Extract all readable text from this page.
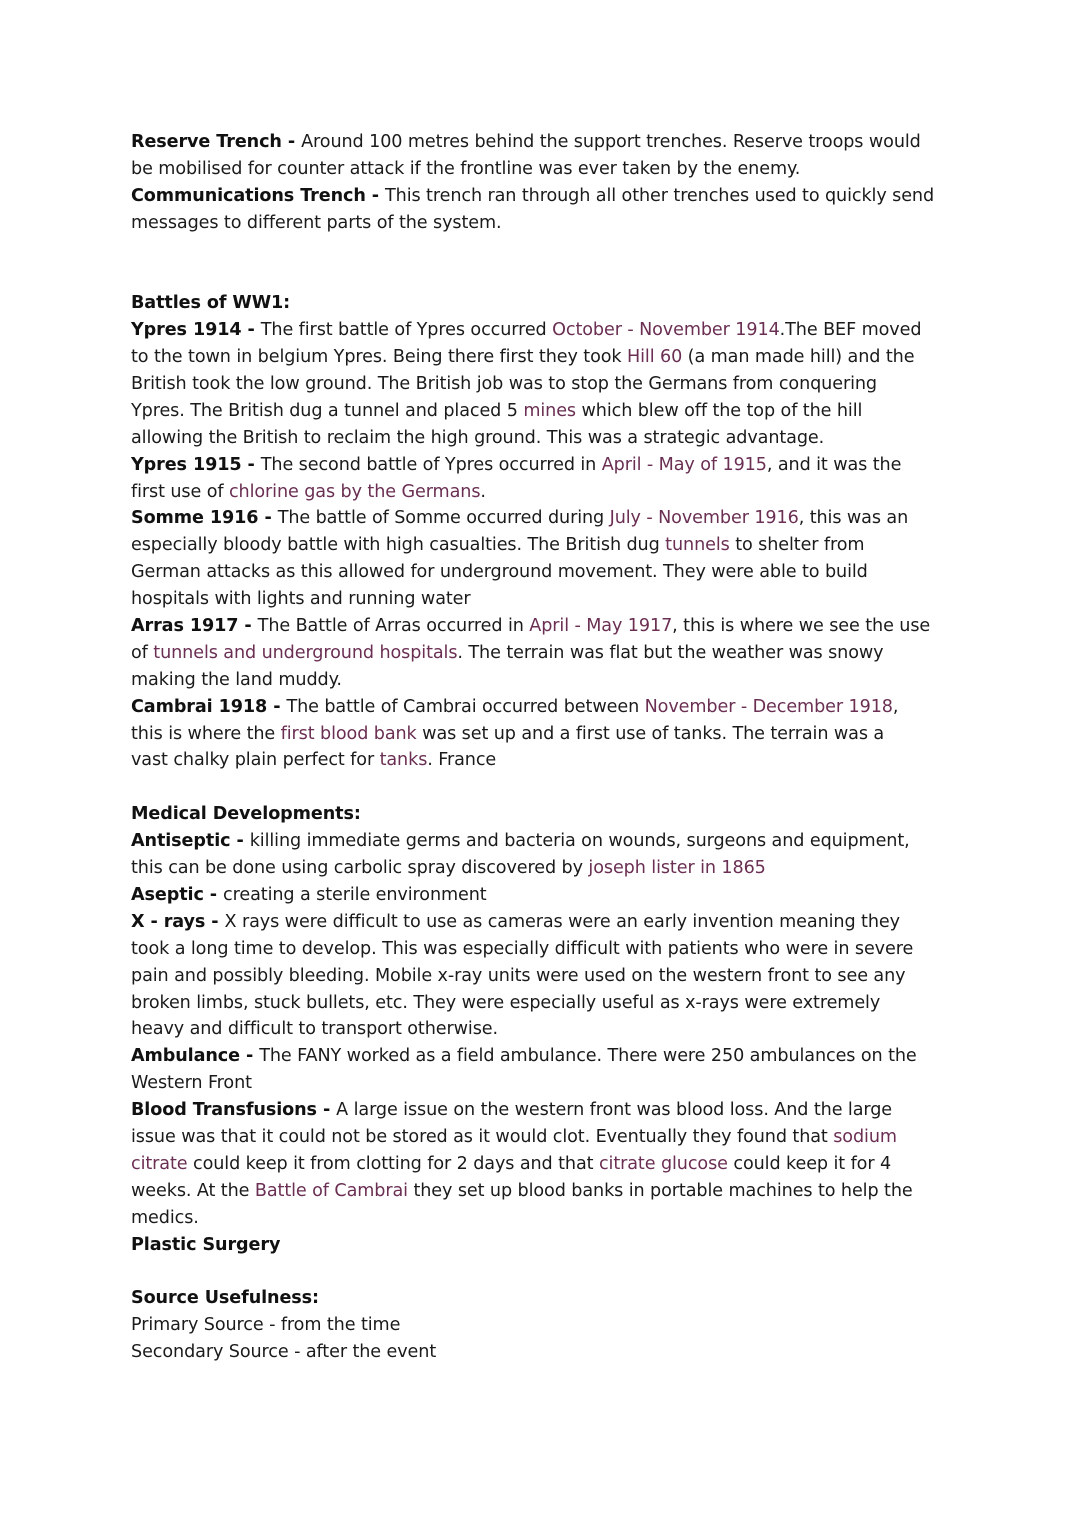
Reserve Trench - Around 100 metres behind the support trenches. Reserve troops would
be mobilised for counter attack if the frontline was ever taken by the enemy.
Communications Trench - This trench ran through all other trenches used to quickly send
messages to different parts of the system.
Battles of WW1:
Ypres 1914 - The first battle of Ypres occurred October - November 1914.The BEF moved
to the town in belgium Ypres. Being there first they took Hill 60 (a man made hill) and the
British took the low ground. The British job was to stop the Germans from conquering
Ypres. The British dug a tunnel and placed 5 mines which blew off the top of the hill
allowing the British to reclaim the high ground. This was a strategic advantage.
Ypres 1915 - The second battle of Ypres occurred in April - May of 1915, and it was the
first use of chlorine gas by the Germans.
Somme 1916 - The battle of Somme occurred during July - November 1916, this was an
especially bloody battle with high casualties. The British dug tunnels to shelter from
German attacks as this allowed for underground movement. They were able to build
hospitals with lights and running water
Arras 1917 - The Battle of Arras occurred in April - May 1917, this is where we see the use
of tunnels and underground hospitals. The terrain was flat but the weather was snowy
making the land muddy.
Cambrai 1918 - The battle of Cambrai occurred between November - December 1918,
this is where the first blood bank was set up and a first use of tanks. The terrain was a
vast chalky plain perfect for tanks. France
Medical Developments:
Antiseptic - killing immediate germs and bacteria on wounds, surgeons and equipment,
this can be done using carbolic spray discovered by joseph lister in 1865
Aseptic - creating a sterile environment
X - rays - X rays were difficult to use as cameras were an early invention meaning they
took a long time to develop. This was especially difficult with patients who were in severe
pain and possibly bleeding. Mobile x-ray units were used on the western front to see any
broken limbs, stuck bullets, etc. They were especially useful as x-rays were extremely
heavy and difficult to transport otherwise.
Ambulance - The FANY worked as a field ambulance. There were 250 ambulances on the
Western Front
Blood Transfusions - A large issue on the western front was blood loss. And the large
issue was that it could not be stored as it would clot. Eventually they found that sodium
citrate could keep it from clotting for 2 days and that citrate glucose could keep it for 4
weeks. At the Battle of Cambrai they set up blood banks in portable machines to help the
medics.
Plastic Surgery
Source Usefulness:
Primary Source - from the time
Secondary Source - after the event
